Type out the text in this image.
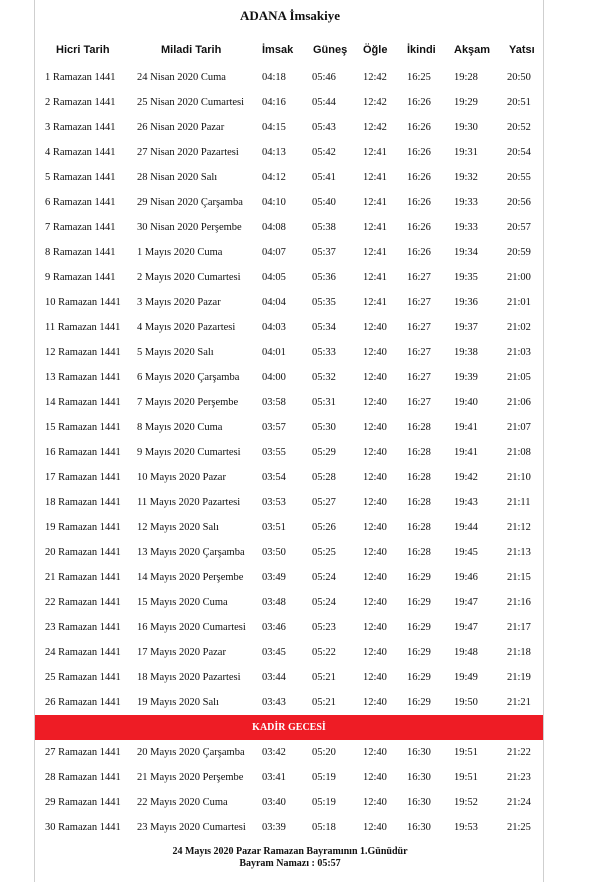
ADANA İmsakiye
Hicri Tarih	Miladi Tarih	İmsak Güneş Öğle İkindi Akşam Yatsı
1 Ramazan 1441 24 Nisan 2020 Cuma	04:18 05:46	12:42 16:25 19:28	20:50
2 Ramazan 1441 25 Nisan 2020 Cumartesi 04:16 05:44	12:42 16:26 19:29	20:51
3 Ramazan 1441 26 Nisan 2020 Pazar	04:15 05:43	12:42 16:26 19:30	20:52
4 Ramazan 1441 27 Nisan 2020 Pazartesi 04:13 05:42	12:41 16:26 19:31	20:54
5 Ramazan 1441 28 Nisan 2020 Salı	04:12 05:41	12:41 16:26 19:32	20:55
6 Ramazan 1441 29 Nisan 2020 Çarşamba 04:10 05:40	12:41 16:26 19:33	20:56
7 Ramazan 1441 30 Nisan 2020 Perşembe 04:08 05:38	12:41 16:26 19:33	20:57
8 Ramazan 1441 1 Mayıs 2020 Cuma	04:07 05:37	12:41 16:26 19:34	20:59
9 Ramazan 1441 2 Mayıs 2020 Cumartesi 04:05 05:36	12:41 16:27 19:35	21:00
10 Ramazan 1441 3 Mayıs 2020 Pazar	04:04 05:35	12:41 16:27 19:36	21:01
11 Ramazan 1441 4 Mayıs 2020 Pazartesi	04:03 05:34	12:40 16:27 19:37	21:02
12 Ramazan 1441 5 Mayıs 2020 Salı	04:01 05:33	12:40 16:27 19:38	21:03
13 Ramazan 1441 6 Mayıs 2020 Çarşamba 04:00 05:32	12:40 16:27 19:39	21:05
14 Ramazan 1441 7 Mayıs 2020 Perşembe 03:58 05:31	12:40 16:27 19:40	21:06
15 Ramazan 1441 8 Mayıs 2020 Cuma	03:57 05:30	12:40 16:28 19:41	21:07
16 Ramazan 1441 9 Mayıs 2020 Cumartesi 03:55 05:29	12:40 16:28 19:41	21:08
17 Ramazan 1441 10 Mayıs 2020 Pazar	03:54 05:28	12:40 16:28 19:42	21:10
18 Ramazan 1441 11 Mayıs 2020 Pazartesi 03:53 05:27	12:40 16:28 19:43	21:11
19 Ramazan 1441 12 Mayıs 2020 Salı	03:51 05:26	12:40 16:28 19:44	21:12
20 Ramazan 1441 13 Mayıs 2020 Çarşamba 03:50 05:25	12:40 16:28 19:45	21:13
21 Ramazan 1441 14 Mayıs 2020 Perşembe 03:49 05:24	12:40 16:29 19:46	21:15
22 Ramazan 1441 15 Mayıs 2020 Cuma	03:48 05:24	12:40 16:29 19:47	21:16
23 Ramazan 1441 16 Mayıs 2020 Cumartesi 03:46 05:23	12:40 16:29 19:47	21:17
24 Ramazan 1441 17 Mayıs 2020 Pazar	03:45 05:22	12:40 16:29 19:48	21:18
25 Ramazan 1441 18 Mayıs 2020 Pazartesi 03:44 05:21	12:40 16:29 19:49	21:19
26 Ramazan 1441 19 Mayıs 2020 Salı	03:43 05:21	12:40 16:29 19:50	21:21
KADİR GECESİ
27 Ramazan 1441 20 Mayıs 2020 Çarşamba 03:42 05:20	12:40 16:30 19:51	21:22
28 Ramazan 1441 21 Mayıs 2020 Perşembe 03:41 05:19	12:40 16:30 19:51	21:23
29 Ramazan 1441 22 Mayıs 2020 Cuma	03:40 05:19	12:40 16:30 19:52	21:24
30 Ramazan 1441 23 Mayıs 2020 Cumartesi 03:39 05:18	12:40 16:30 19:53	21:25
24 Mayıs 2020 Pazar Ramazan Bayramının 1.Günüdür
Bayram Namazı : 05:57
